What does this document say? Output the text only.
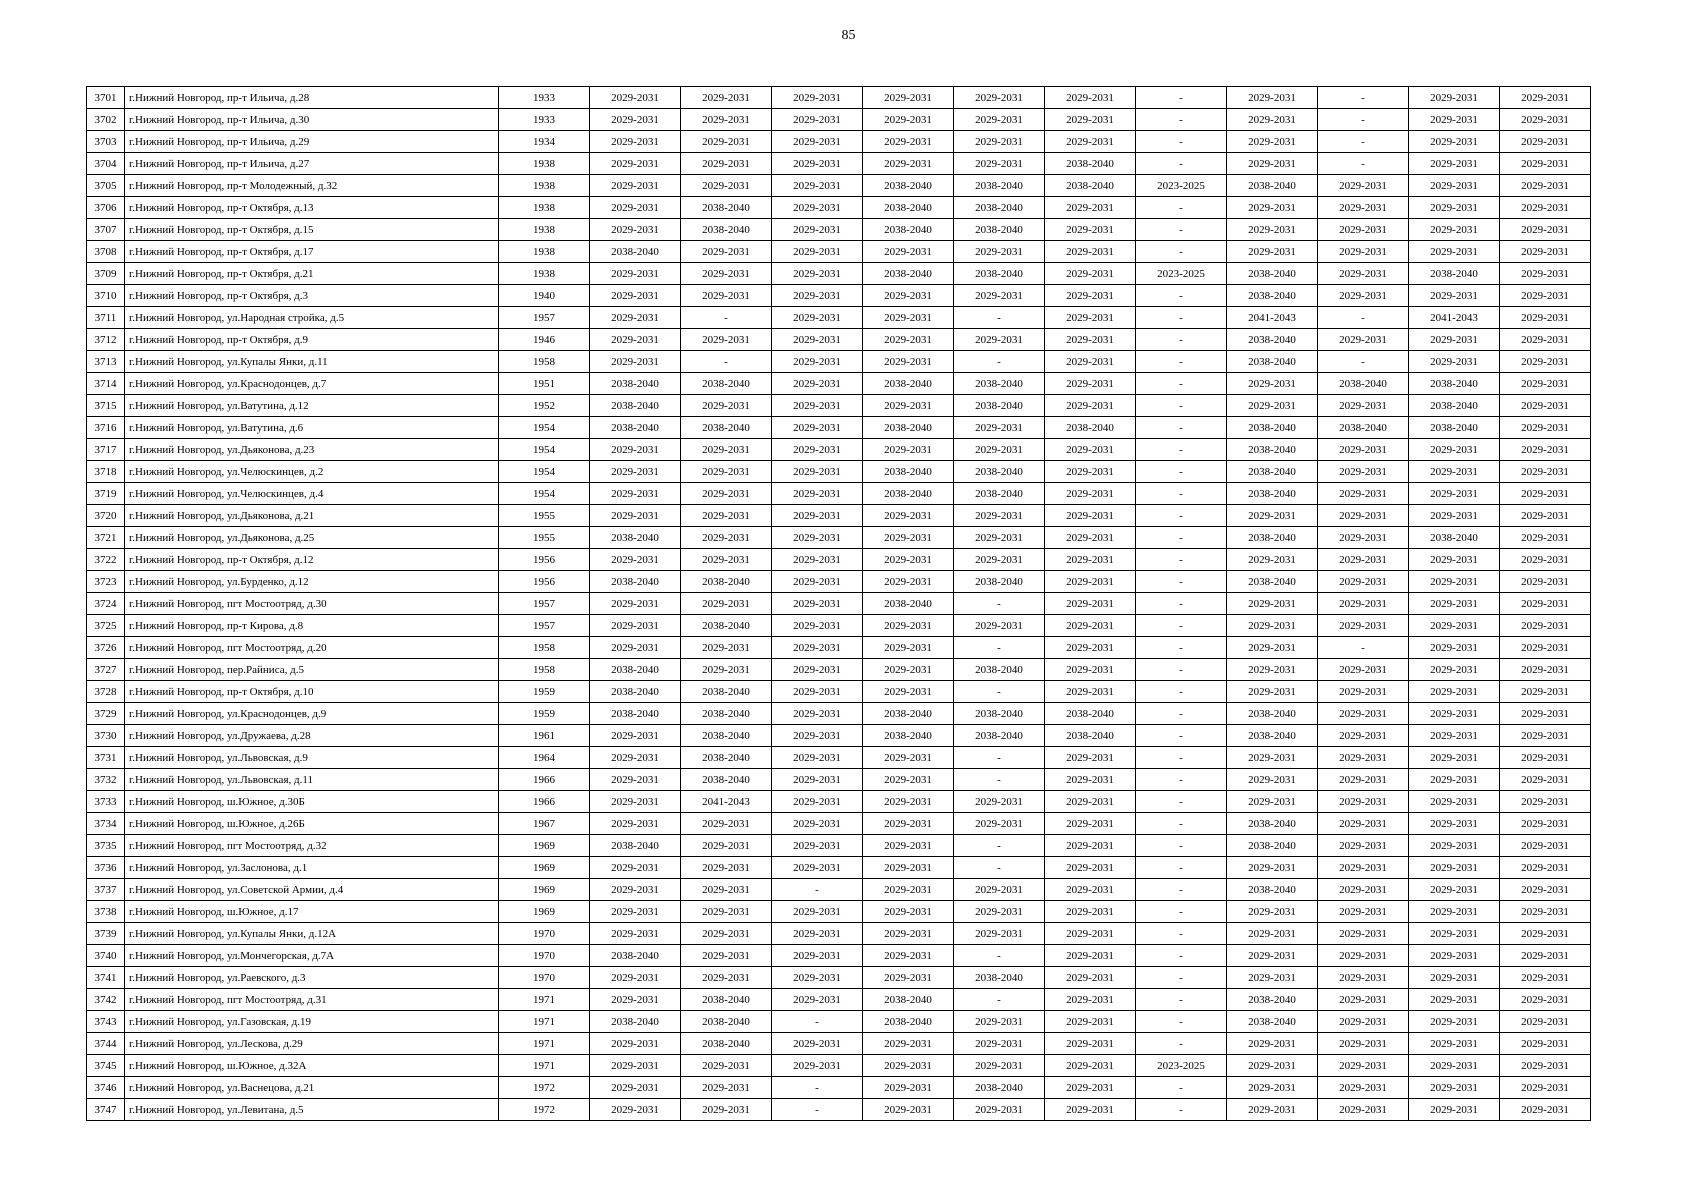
85
3701	г.Нижний Новгород, пр-т Ильича, д.28	1933	2029-2031	2029-2031	2029-2031	2029-2031	2029-2031	2029-2031	-	2029-2031	-	2029-2031	2029-2031
3702	г.Нижний Новгород, пр-т Ильича, д.30	1933	2029-2031	2029-2031	2029-2031	2029-2031	2029-2031	2029-2031	-	2029-2031	-	2029-2031	2029-2031
3703	г.Нижний Новгород, пр-т Ильича, д.29	1934	2029-2031	2029-2031	2029-2031	2029-2031	2029-2031	2029-2031	-	2029-2031	-	2029-2031	2029-2031
3704	г.Нижний Новгород, пр-т Ильича, д.27	1938	2029-2031	2029-2031	2029-2031	2029-2031	2029-2031	2038-2040	-	2029-2031	-	2029-2031	2029-2031
3705	г.Нижний Новгород, пр-т Молодежный, д.32	1938	2029-2031	2029-2031	2029-2031	2038-2040	2038-2040	2038-2040	2023-2025	2038-2040	2029-2031	2029-2031	2029-2031
3706	г.Нижний Новгород, пр-т Октября, д.13	1938	2029-2031	2038-2040	2029-2031	2038-2040	2038-2040	2029-2031	-	2029-2031	2029-2031	2029-2031	2029-2031
3707	г.Нижний Новгород, пр-т Октября, д.15	1938	2029-2031	2038-2040	2029-2031	2038-2040	2038-2040	2029-2031	-	2029-2031	2029-2031	2029-2031	2029-2031
3708	г.Нижний Новгород, пр-т Октября, д.17	1938	2038-2040	2029-2031	2029-2031	2029-2031	2029-2031	2029-2031	-	2029-2031	2029-2031	2029-2031	2029-2031
3709	г.Нижний Новгород, пр-т Октября, д.21	1938	2029-2031	2029-2031	2029-2031	2038-2040	2038-2040	2029-2031	2023-2025	2038-2040	2029-2031	2038-2040	2029-2031
3710	г.Нижний Новгород, пр-т Октября, д.3	1940	2029-2031	2029-2031	2029-2031	2029-2031	2029-2031	2029-2031	-	2038-2040	2029-2031	2029-2031	2029-2031
3711	г.Нижний Новгород, ул.Народная стройка, д.5	1957	2029-2031	-	2029-2031	2029-2031	-	2029-2031	-	2041-2043	-	2041-2043	2029-2031
3712	г.Нижний Новгород, пр-т Октября, д.9	1946	2029-2031	2029-2031	2029-2031	2029-2031	2029-2031	2029-2031	-	2038-2040	2029-2031	2029-2031	2029-2031
3713	г.Нижний Новгород, ул.Купалы Янки, д.11	1958	2029-2031	-	2029-2031	2029-2031	-	2029-2031	-	2038-2040	-	2029-2031	2029-2031
3714	г.Нижний Новгород, ул.Краснодонцев, д.7	1951	2038-2040	2038-2040	2029-2031	2038-2040	2038-2040	2029-2031	-	2029-2031	2038-2040	2038-2040	2029-2031
3715	г.Нижний Новгород, ул.Ватутина, д.12	1952	2038-2040	2029-2031	2029-2031	2029-2031	2038-2040	2029-2031	-	2029-2031	2029-2031	2038-2040	2029-2031
3716	г.Нижний Новгород, ул.Ватутина, д.6	1954	2038-2040	2038-2040	2029-2031	2038-2040	2029-2031	2038-2040	-	2038-2040	2038-2040	2038-2040	2029-2031
3717	г.Нижний Новгород, ул.Дьяконова, д.23	1954	2029-2031	2029-2031	2029-2031	2029-2031	2029-2031	2029-2031	-	2038-2040	2029-2031	2029-2031	2029-2031
3718	г.Нижний Новгород, ул.Челюскинцев, д.2	1954	2029-2031	2029-2031	2029-2031	2038-2040	2038-2040	2029-2031	-	2038-2040	2029-2031	2029-2031	2029-2031
3719	г.Нижний Новгород, ул.Челюскинцев, д.4	1954	2029-2031	2029-2031	2029-2031	2038-2040	2038-2040	2029-2031	-	2038-2040	2029-2031	2029-2031	2029-2031
3720	г.Нижний Новгород, ул.Дьяконова, д.21	1955	2029-2031	2029-2031	2029-2031	2029-2031	2029-2031	2029-2031	-	2029-2031	2029-2031	2029-2031	2029-2031
3721	г.Нижний Новгород, ул.Дьяконова, д.25	1955	2038-2040	2029-2031	2029-2031	2029-2031	2029-2031	2029-2031	-	2038-2040	2029-2031	2038-2040	2029-2031
3722	г.Нижний Новгород, пр-т Октября, д.12	1956	2029-2031	2029-2031	2029-2031	2029-2031	2029-2031	2029-2031	-	2029-2031	2029-2031	2029-2031	2029-2031
3723	г.Нижний Новгород, ул.Бурденко, д.12	1956	2038-2040	2038-2040	2029-2031	2029-2031	2038-2040	2029-2031	-	2038-2040	2029-2031	2029-2031	2029-2031
3724	г.Нижний Новгород, пгт Мостоотряд, д.30	1957	2029-2031	2029-2031	2029-2031	2038-2040	-	2029-2031	-	2029-2031	2029-2031	2029-2031	2029-2031
3725	г.Нижний Новгород, пр-т Кирова, д.8	1957	2029-2031	2038-2040	2029-2031	2029-2031	2029-2031	2029-2031	-	2029-2031	2029-2031	2029-2031	2029-2031
3726	г.Нижний Новгород, пгт Мостоотряд, д.20	1958	2029-2031	2029-2031	2029-2031	2029-2031	-	2029-2031	-	2029-2031	-	2029-2031	2029-2031
3727	г.Нижний Новгород, пер.Райниса, д.5	1958	2038-2040	2029-2031	2029-2031	2029-2031	2038-2040	2029-2031	-	2029-2031	2029-2031	2029-2031	2029-2031
3728	г.Нижний Новгород, пр-т Октября, д.10	1959	2038-2040	2038-2040	2029-2031	2029-2031	-	2029-2031	-	2029-2031	2029-2031	2029-2031	2029-2031
3729	г.Нижний Новгород, ул.Краснодонцев, д.9	1959	2038-2040	2038-2040	2029-2031	2038-2040	2038-2040	2038-2040	-	2038-2040	2029-2031	2029-2031	2029-2031
3730	г.Нижний Новгород, ул.Дружаева, д.28	1961	2029-2031	2038-2040	2029-2031	2038-2040	2038-2040	2038-2040	-	2038-2040	2029-2031	2029-2031	2029-2031
3731	г.Нижний Новгород, ул.Львовская, д.9	1964	2029-2031	2038-2040	2029-2031	2029-2031	-	2029-2031	-	2029-2031	2029-2031	2029-2031	2029-2031
3732	г.Нижний Новгород, ул.Львовская, д.11	1966	2029-2031	2038-2040	2029-2031	2029-2031	-	2029-2031	-	2029-2031	2029-2031	2029-2031	2029-2031
3733	г.Нижний Новгород, ш.Южное, д.30Б	1966	2029-2031	2041-2043	2029-2031	2029-2031	2029-2031	2029-2031	-	2029-2031	2029-2031	2029-2031	2029-2031
3734	г.Нижний Новгород, ш.Южное, д.26Б	1967	2029-2031	2029-2031	2029-2031	2029-2031	2029-2031	2029-2031	-	2038-2040	2029-2031	2029-2031	2029-2031
3735	г.Нижний Новгород, пгт Мостоотряд, д.32	1969	2038-2040	2029-2031	2029-2031	2029-2031	-	2029-2031	-	2038-2040	2029-2031	2029-2031	2029-2031
3736	г.Нижний Новгород, ул.Заслонова, д.1	1969	2029-2031	2029-2031	2029-2031	2029-2031	-	2029-2031	-	2029-2031	2029-2031	2029-2031	2029-2031
3737	г.Нижний Новгород, ул.Советской Армии, д.4	1969	2029-2031	2029-2031	-	2029-2031	2029-2031	2029-2031	-	2038-2040	2029-2031	2029-2031	2029-2031
3738	г.Нижний Новгород, ш.Южное, д.17	1969	2029-2031	2029-2031	2029-2031	2029-2031	2029-2031	2029-2031	-	2029-2031	2029-2031	2029-2031	2029-2031
3739	г.Нижний Новгород, ул.Купалы Янки, д.12А	1970	2029-2031	2029-2031	2029-2031	2029-2031	2029-2031	2029-2031	-	2029-2031	2029-2031	2029-2031	2029-2031
3740	г.Нижний Новгород, ул.Мончегорская, д.7А	1970	2038-2040	2029-2031	2029-2031	2029-2031	-	2029-2031	-	2029-2031	2029-2031	2029-2031	2029-2031
3741	г.Нижний Новгород, ул.Раевского, д.3	1970	2029-2031	2029-2031	2029-2031	2029-2031	2038-2040	2029-2031	-	2029-2031	2029-2031	2029-2031	2029-2031
3742	г.Нижний Новгород, пгт Мостоотряд, д.31	1971	2029-2031	2038-2040	2029-2031	2038-2040	-	2029-2031	-	2038-2040	2029-2031	2029-2031	2029-2031
3743	г.Нижний Новгород, ул.Газовская, д.19	1971	2038-2040	2038-2040	-	2038-2040	2029-2031	2029-2031	-	2038-2040	2029-2031	2029-2031	2029-2031
3744	г.Нижний Новгород, ул.Лескова, д.29	1971	2029-2031	2038-2040	2029-2031	2029-2031	2029-2031	2029-2031	-	2029-2031	2029-2031	2029-2031	2029-2031
3745	г.Нижний Новгород, ш.Южное, д.32А	1971	2029-2031	2029-2031	2029-2031	2029-2031	2029-2031	2029-2031	2023-2025	2029-2031	2029-2031	2029-2031	2029-2031
3746	г.Нижний Новгород, ул.Васнецова, д.21	1972	2029-2031	2029-2031	-	2029-2031	2038-2040	2029-2031	-	2029-2031	2029-2031	2029-2031	2029-2031
3747	г.Нижний Новгород, ул.Левитана, д.5	1972	2029-2031	2029-2031	-	2029-2031	2029-2031	2029-2031	-	2029-2031	2029-2031	2029-2031	2029-2031
